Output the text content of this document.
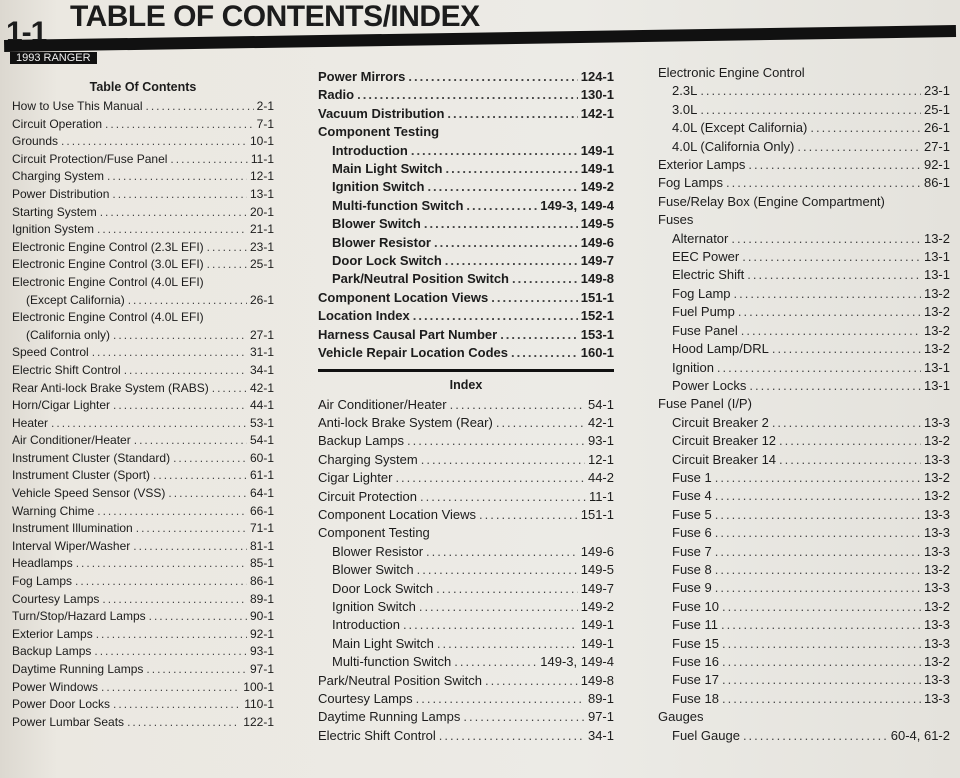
1-1 TABLE OF CONTENTS/INDEX
1993 RANGER
Table Of Contents
How to Use This Manual .....	2-1
Circuit Operation .....	7-1
Grounds .....	10-1
Circuit Protection/Fuse Panel .....	11-1
Charging System .....	12-1
Power Distribution .....	13-1
Starting System .....	20-1
Ignition System .....	21-1
Electronic Engine Control (2.3L EFI) .....	23-1
Electronic Engine Control (3.0L EFI) .....	25-1
Electronic Engine Control (4.0L EFI)
(Except California) .....	26-1
Electronic Engine Control (4.0L EFI)
(California only) .....	27-1
Speed Control .....	31-1
Electric Shift Control .....	34-1
Rear Anti-lock Brake System (RABS) .....	42-1
Horn/Cigar Lighter .....	44-1
Heater .....	53-1
Air Conditioner/Heater .....	54-1
Instrument Cluster (Standard) .....	60-1
Instrument Cluster (Sport) .....	61-1
Vehicle Speed Sensor (VSS) .....	64-1
Warning Chime .....	66-1
Instrument Illumination .....	71-1
Interval Wiper/Washer .....	81-1
Headlamps .....	85-1
Fog Lamps .....	86-1
Courtesy Lamps .....	89-1
Turn/Stop/Hazard Lamps .....	90-1
Exterior Lamps .....	92-1
Backup Lamps .....	93-1
Daytime Running Lamps .....	97-1
Power Windows .....	100-1
Power Door Locks .....	110-1
Power Lumbar Seats .....	122-1
Power Mirrors .....	124-1
Radio .....	130-1
Vacuum Distribution .....	142-1
Component Testing
Introduction .....	149-1
Main Light Switch .....	149-1
Ignition Switch .....	149-2
Multi-function Switch .....	149-3, 149-4
Blower Switch .....	149-5
Blower Resistor .....	149-6
Door Lock Switch .....	149-7
Park/Neutral Position Switch .....	149-8
Component Location Views .....	151-1
Location Index .....	152-1
Harness Causal Part Number .....	153-1
Vehicle Repair Location Codes .....	160-1
Index
Air Conditioner/Heater .....	54-1
Anti-lock Brake System (Rear) .....	42-1
Backup Lamps .....	93-1
Charging System .....	12-1
Cigar Lighter .....	44-2
Circuit Protection .....	11-1
Component Location Views .....	151-1
Component Testing
Blower Resistor .....	149-6
Blower Switch .....	149-5
Door Lock Switch .....	149-7
Ignition Switch .....	149-2
Introduction .....	149-1
Main Light Switch .....	149-1
Multi-function Switch .....	149-3, 149-4
Park/Neutral Position Switch .....	149-8
Courtesy Lamps .....	89-1
Daytime Running Lamps .....	97-1
Electric Shift Control .....	34-1
Electronic Engine Control
2.3L .....	23-1
3.0L .....	25-1
4.0L (Except California) .....	26-1
4.0L (California Only) .....	27-1
Exterior Lamps .....	92-1
Fog Lamps .....	86-1
Fuse/Relay Box (Engine Compartment)
Fuses
Alternator .....	13-2
EEC Power .....	13-1
Electric Shift .....	13-1
Fog Lamp .....	13-2
Fuel Pump .....	13-2
Fuse Panel .....	13-2
Hood Lamp/DRL .....	13-2
Ignition .....	13-1
Power Locks .....	13-1
Fuse Panel (I/P)
Circuit Breaker 2 .....	13-3
Circuit Breaker 12 .....	13-2
Circuit Breaker 14 .....	13-3
Fuse 1 .....	13-2
Fuse 4 .....	13-2
Fuse 5 .....	13-3
Fuse 6 .....	13-3
Fuse 7 .....	13-3
Fuse 8 .....	13-2
Fuse 9 .....	13-3
Fuse 10 .....	13-2
Fuse 11 .....	13-3
Fuse 15 .....	13-3
Fuse 16 .....	13-2
Fuse 17 .....	13-3
Fuse 18 .....	13-3
Gauges
Fuel Gauge .....	60-4, 61-2
